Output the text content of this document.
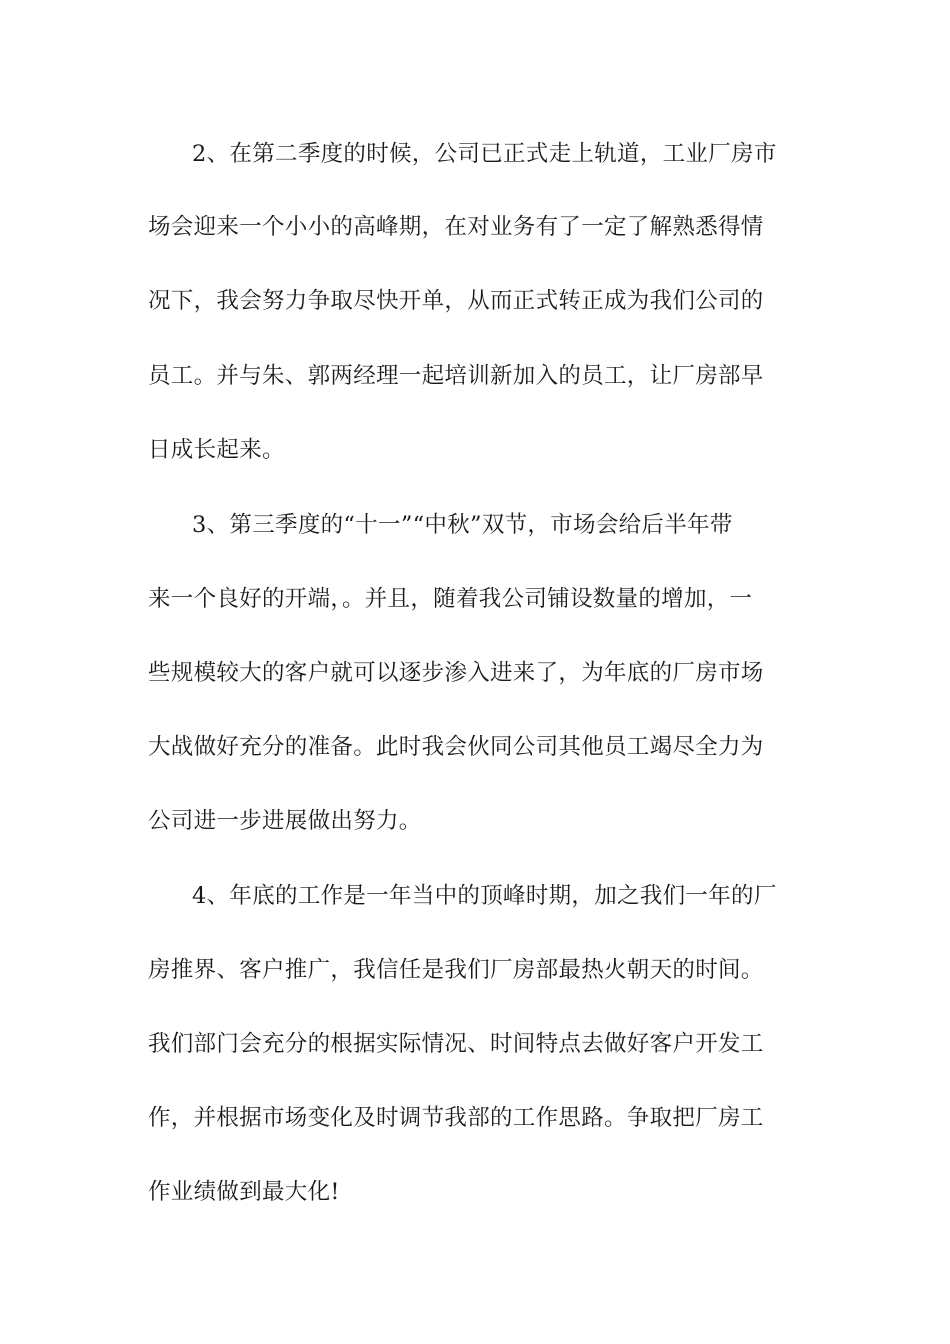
2、在第二季度的时候，公司已正式走上轨道，工业厂房市
场会迎来一个小小的高峰期，在对业务有了一定了解熟悉得情
况下，我会努力争取尽快开单，从而正式转正成为我们公司的
员工。并与朱、郭两经理一起培训新加入的员工，让厂房部早
日成长起来。
3、第三季度的“十一”“中秋”双节，市场会给后半年带
来一个良好的开端，。并且，随着我公司铺设数量的增加，一
些规模较大的客户就可以逐步渗入进来了，为年底的厂房市场
大战做好充分的准备。此时我会伙同公司其他员工竭尽全力为
公司进一步进展做出努力。
4、年底的工作是一年当中的顶峰时期，加之我们一年的厂
房推界、客户推广，我信任是我们厂房部最热火朝天的时间。
我们部门会充分的根据实际情况、时间特点去做好客户开发工
作，并根据市场变化及时调节我部的工作思路。争取把厂房工
作业绩做到最大化!
